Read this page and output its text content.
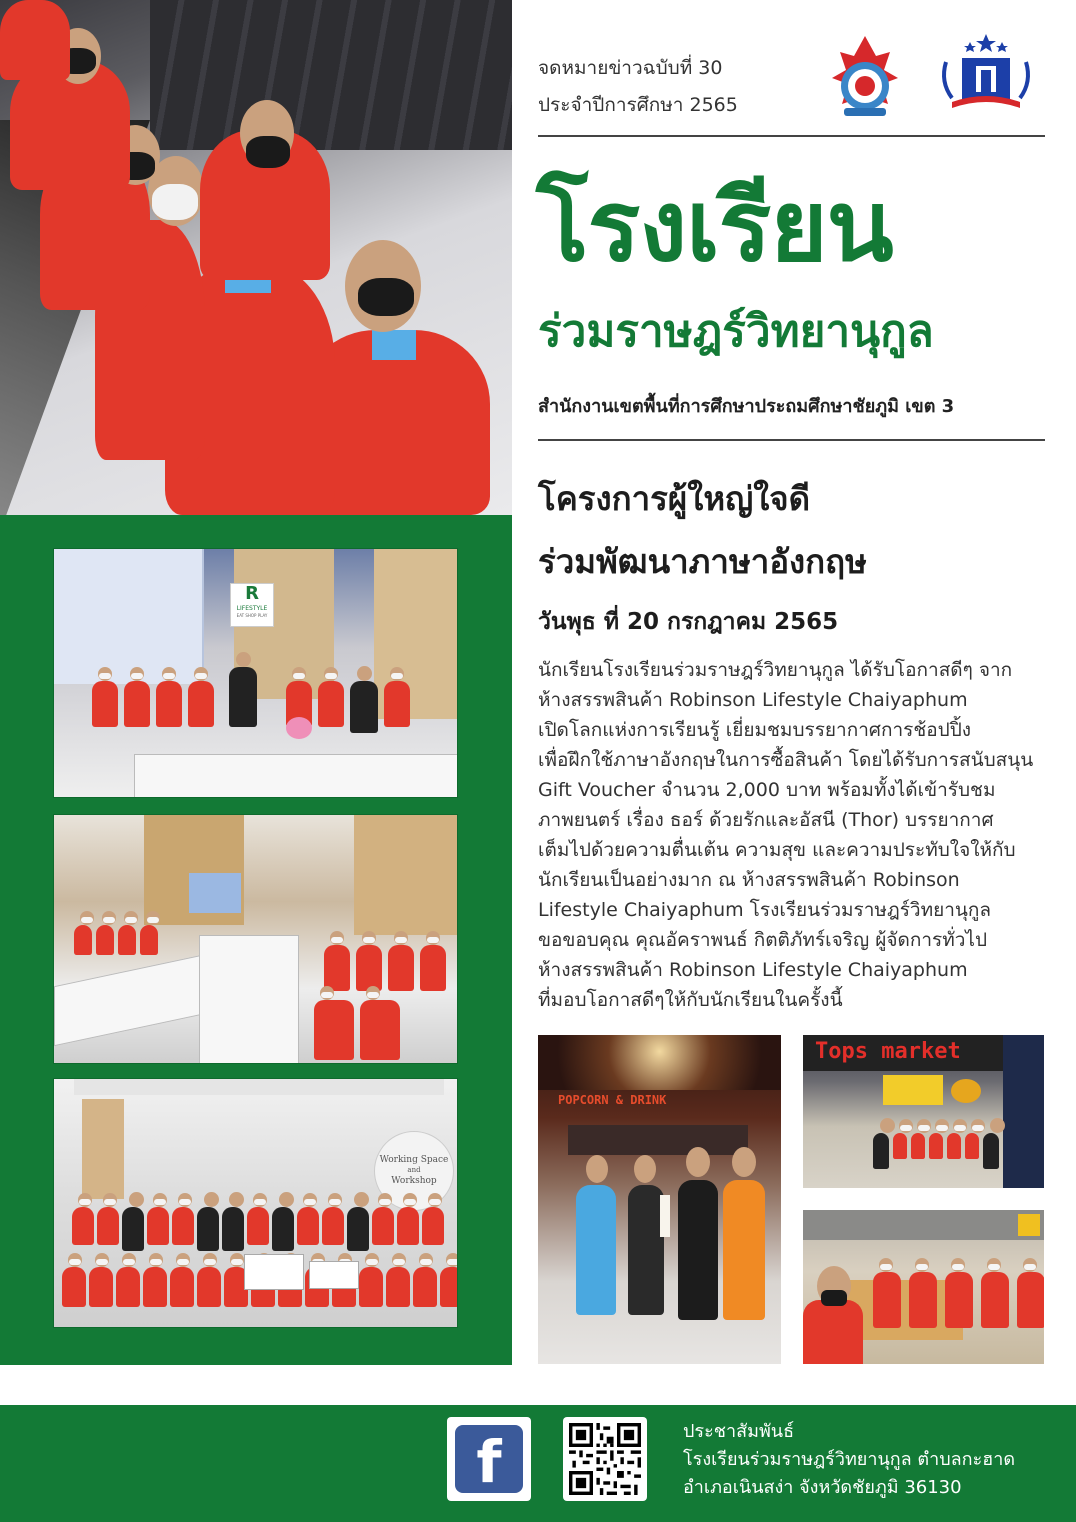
R
LIFESTYLE
EAT SHOP PLAY
Working Space
and
Workshop
จดหมายข่าวฉบับที่ 30
ประจำปีการศึกษา 2565
โรงเรียน
ร่วมราษฎร์วิทยานุกูล
สำนักงานเขตพื้นที่การศึกษาประถมศึกษาชัยภูมิ เขต 3
โครงการผู้ใหญ่ใจดี
ร่วมพัฒนาภาษาอังกฤษ
วันพุธ ที่ 20 กรกฎาคม 2565
นักเรียนโรงเรียนร่วมราษฎร์วิทยานุกูล ได้รับโอกาสดีๆ จาก
ห้างสรรพสินค้า Robinson Lifestyle Chaiyaphum
เปิดโลกแห่งการเรียนรู้ เยี่ยมชมบรรยากาศการช้อปปิ้ง
เพื่อฝึกใช้ภาษาอังกฤษในการซื้อสินค้า โดยได้รับการสนับสนุน
Gift Voucher จำนวน 2,000 บาท พร้อมทั้งได้เข้ารับชม
ภาพยนตร์ เรื่อง ธอร์ ด้วยรักและอัสนี (Thor) บรรยากาศ
เต็มไปด้วยความตื่นเต้น ความสุข และความประทับใจให้กับ
นักเรียนเป็นอย่างมาก ณ ห้างสรรพสินค้า Robinson
Lifestyle Chaiyaphum โรงเรียนร่วมราษฎร์วิทยานุกูล
ขอขอบคุณ คุณอัคราพนธ์ กิตติภัทร์เจริญ ผู้จัดการทั่วไป
ห้างสรรพสินค้า Robinson Lifestyle Chaiyaphum
ที่มอบโอกาสดีๆให้กับนักเรียนในครั้งนี้
POPCORN & DRINK
Tops market
f	ประชาสัมพันธ์
โรงเรียนร่วมราษฎร์วิทยานุกูล ตำบลกะฮาด
อำเภอเนินสง่า จังหวัดชัยภูมิ 36130
